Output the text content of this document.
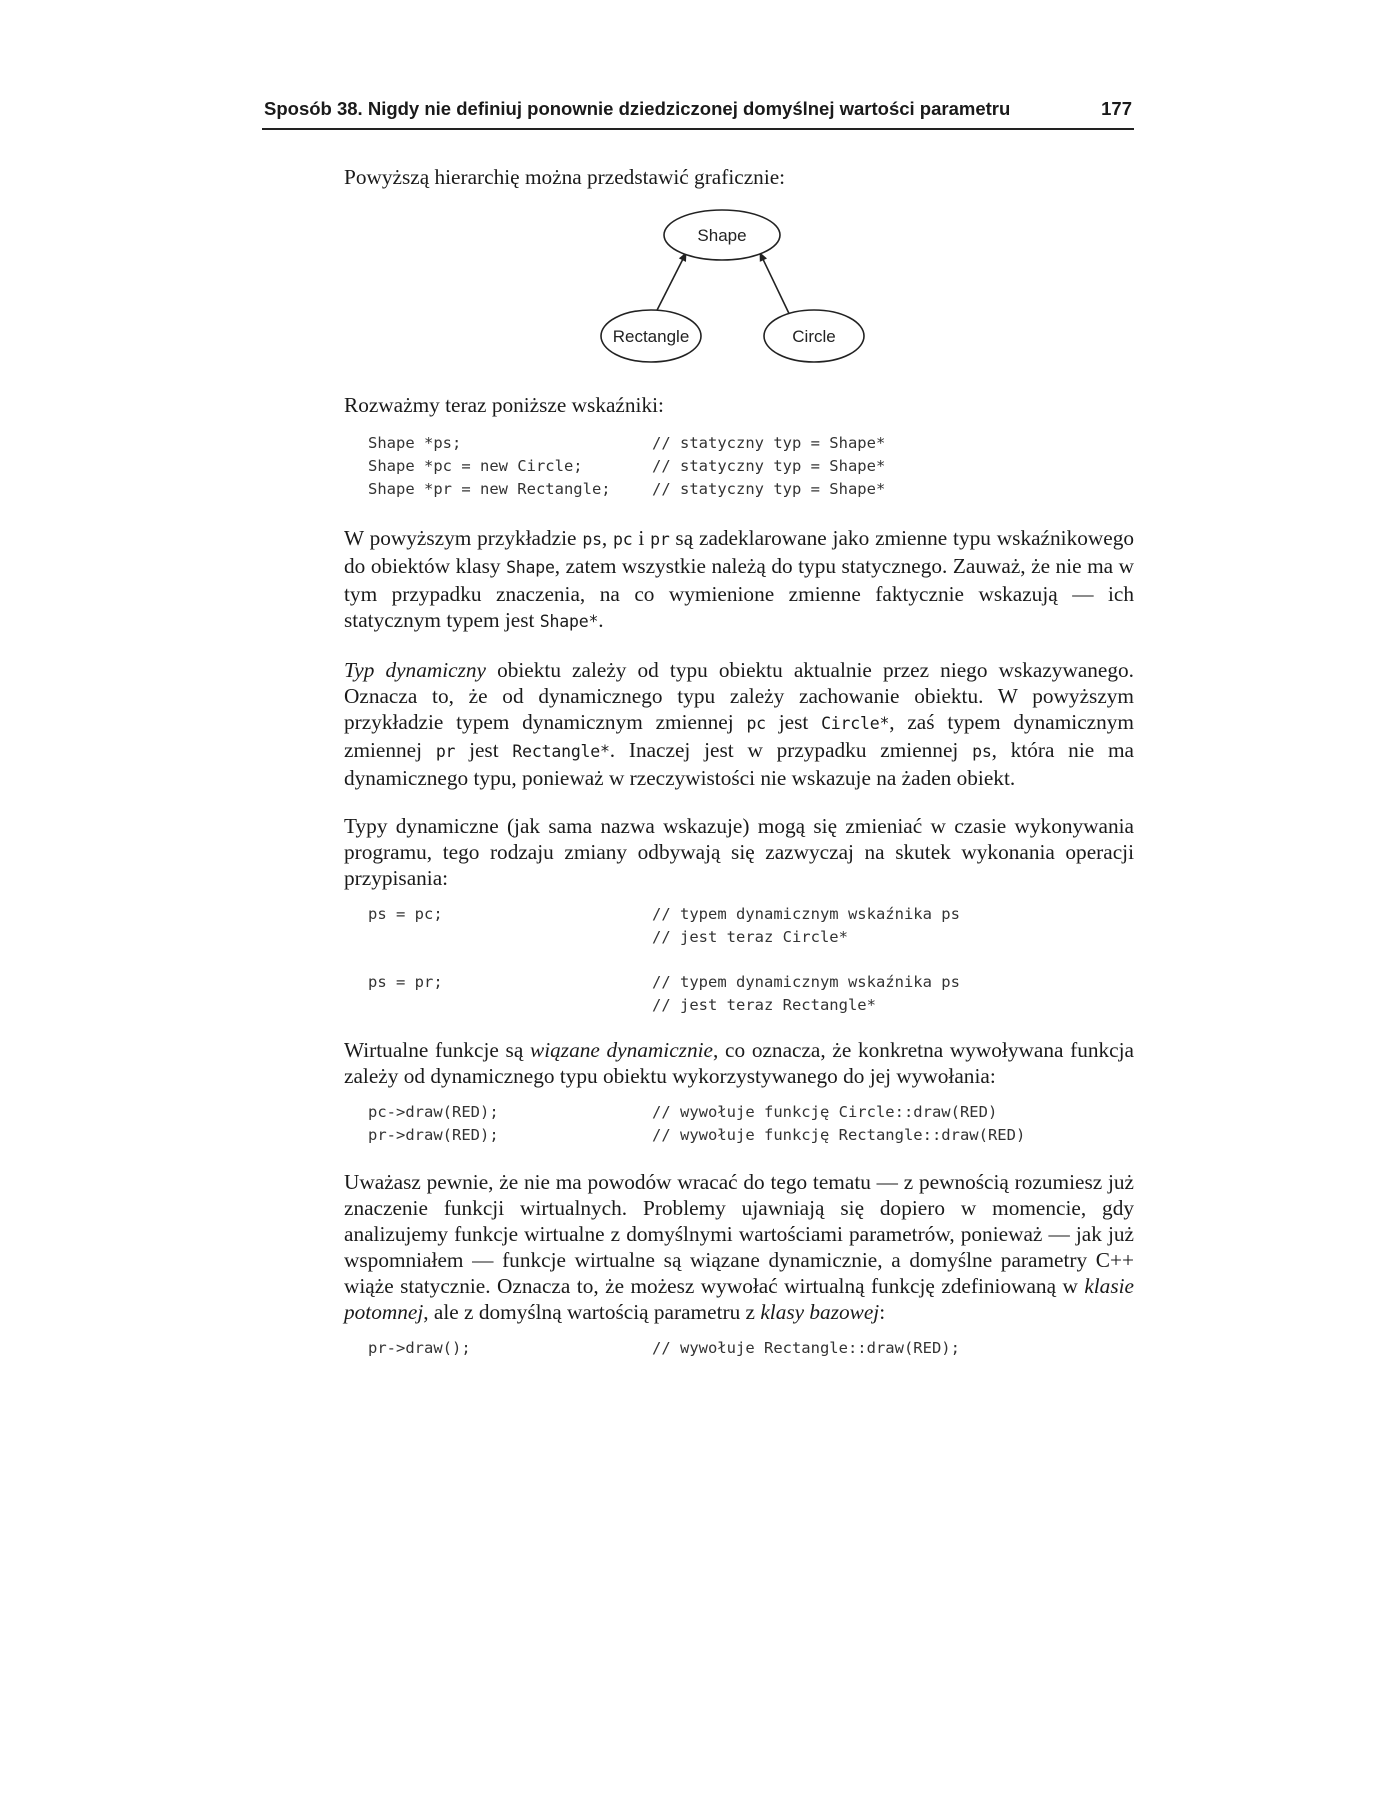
Sposób 38. Nigdy nie definiuj ponownie dziedziczonej domyślnej wartości parametru	177

Powyższą hierarchię można przedstawić graficznie:

Shape
Rectangle	Circle

Rozważmy teraz poniższe wskaźniki:

Shape *ps;	// statyczny typ = Shape*
Shape *pc = new Circle;	// statyczny typ = Shape*
Shape *pr = new Rectangle;	// statyczny typ = Shape*

W powyższym przykładzie ps, pc i pr są zadeklarowane jako zmienne typu wskaźnikowego do obiektów klasy Shape, zatem wszystkie należą do typu statycznego. Zauważ, że nie ma w tym przypadku znaczenia, na co wymienione zmienne faktycznie wskazują — ich statycznym typem jest Shape*.

Typ dynamiczny obiektu zależy od typu obiektu aktualnie przez niego wskazywanego. Oznacza to, że od dynamicznego typu zależy zachowanie obiektu. W powyższym przykładzie typem dynamicznym zmiennej pc jest Circle*, zaś typem dynamicznym zmiennej pr jest Rectangle*. Inaczej jest w przypadku zmiennej ps, która nie ma dynamicznego typu, ponieważ w rzeczywistości nie wskazuje na żaden obiekt.

Typy dynamiczne (jak sama nazwa wskazuje) mogą się zmieniać w czasie wykonywania programu, tego rodzaju zmiany odbywają się zazwyczaj na skutek wykonania operacji przypisania:

ps = pc;	// typem dynamicznym wskaźnika ps
// jest teraz Circle*
ps = pr;	// typem dynamicznym wskaźnika ps
// jest teraz Rectangle*

Wirtualne funkcje są wiązane dynamicznie, co oznacza, że konkretna wywoływana funkcja zależy od dynamicznego typu obiektu wykorzystywanego do jej wywołania:

pc->draw(RED);	// wywołuje funkcję Circle::draw(RED)
pr->draw(RED);	// wywołuje funkcję Rectangle::draw(RED)

Uważasz pewnie, że nie ma powodów wracać do tego tematu — z pewnością rozumiesz już znaczenie funkcji wirtualnych. Problemy ujawniają się dopiero w momencie, gdy analizujemy funkcje wirtualne z domyślnymi wartościami parametrów, ponieważ — jak już wspomniałem — funkcje wirtualne są wiązane dynamicznie, a domyślne parametry C++ wiąże statycznie. Oznacza to, że możesz wywołać wirtualną funkcję zdefiniowaną w klasie potomnej, ale z domyślną wartością parametru z klasy bazowej:

pr->draw();	// wywołuje Rectangle::draw(RED);
